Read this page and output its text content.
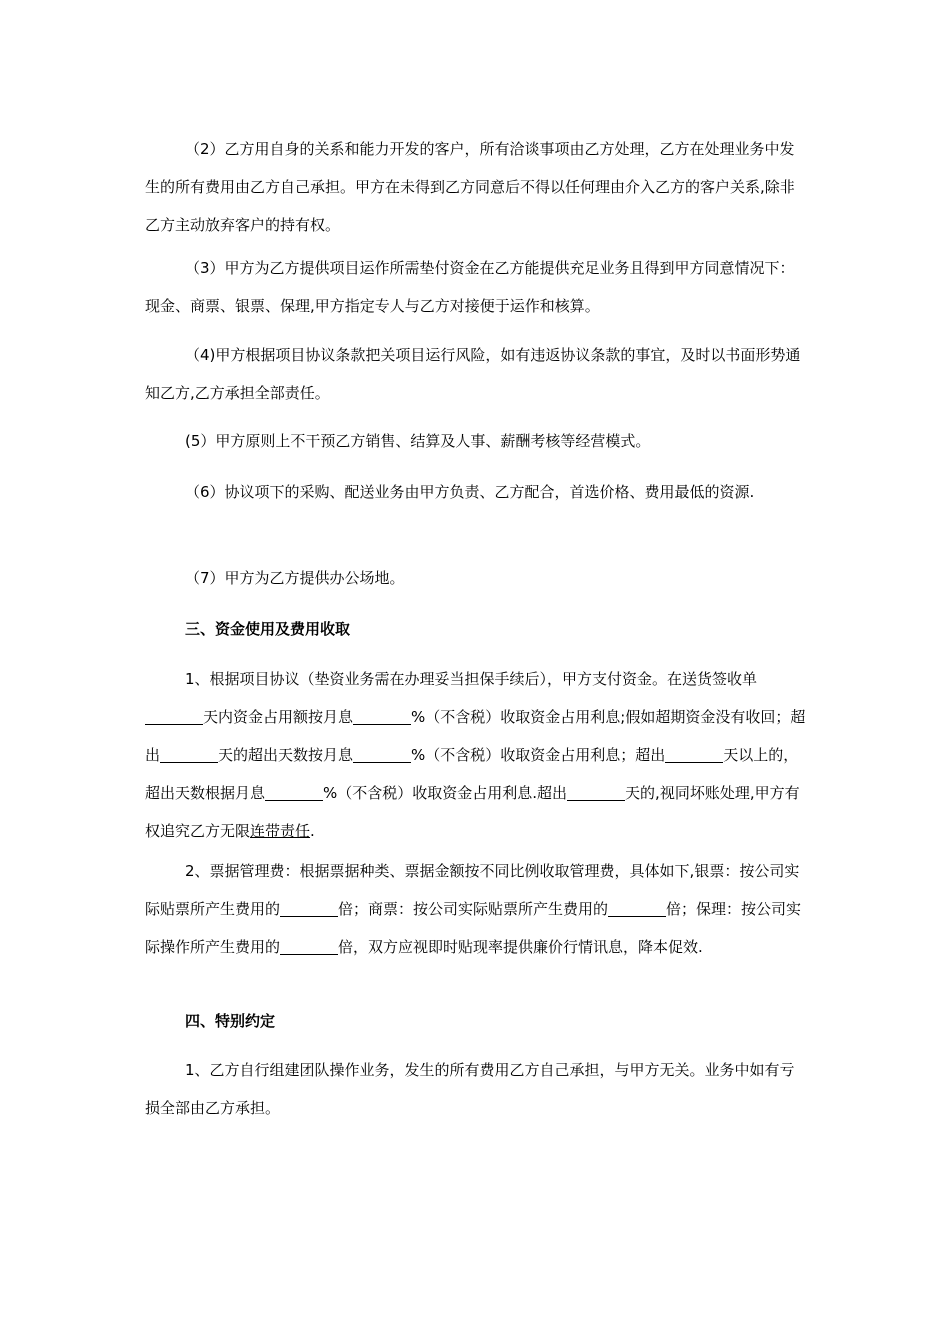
（2）乙方用自身的关系和能力开发的客户，所有洽谈事项由乙方处理，乙方在处理业务中发生的所有费用由乙方自己承担。甲方在未得到乙方同意后不得以任何理由介入乙方的客户关系,除非乙方主动放弃客户的持有权。

（3）甲方为乙方提供项目运作所需垫付资金在乙方能提供充足业务且得到甲方同意情况下：现金、商票、银票、保理,甲方指定专人与乙方对接便于运作和核算。

（4)甲方根据项目协议条款把关项目运行风险，如有违返协议条款的事宜，及时以书面形势通知乙方,乙方承担全部责任。

(5）甲方原则上不干预乙方销售、结算及人事、薪酬考核等经营模式。

（6）协议项下的采购、配送业务由甲方负责、乙方配合，首选价格、费用最低的资源.

（7）甲方为乙方提供办公场地。

三、资金使用及费用收取

1、根据项目协议（垫资业务需在办理妥当担保手续后），甲方支付资金。在送货签收单天内资金占用额按月息	%（不含税）收取资金占用利息;假如超期资金没有收回；超出	天的超出天数按月息	%（不含税）收取资金占用利息；超出	天以上的，超出天数根据月息	%（不含税）收取资金占用利息.超出	天的,视同坏账处理,甲方有权追究乙方无限连带责任.

2、票据管理费：根据票据种类、票据金额按不同比例收取管理费，具体如下,银票：按公司实际贴票所产生费用的	倍；商票：按公司实际贴票所产生费用的	倍；保理：按公司实际操作所产生费用的	倍，双方应视即时贴现率提供廉价行情讯息，降本促效.

四、特别约定

1、乙方自行组建团队操作业务，发生的所有费用乙方自己承担，与甲方无关。业务中如有亏损全部由乙方承担。
